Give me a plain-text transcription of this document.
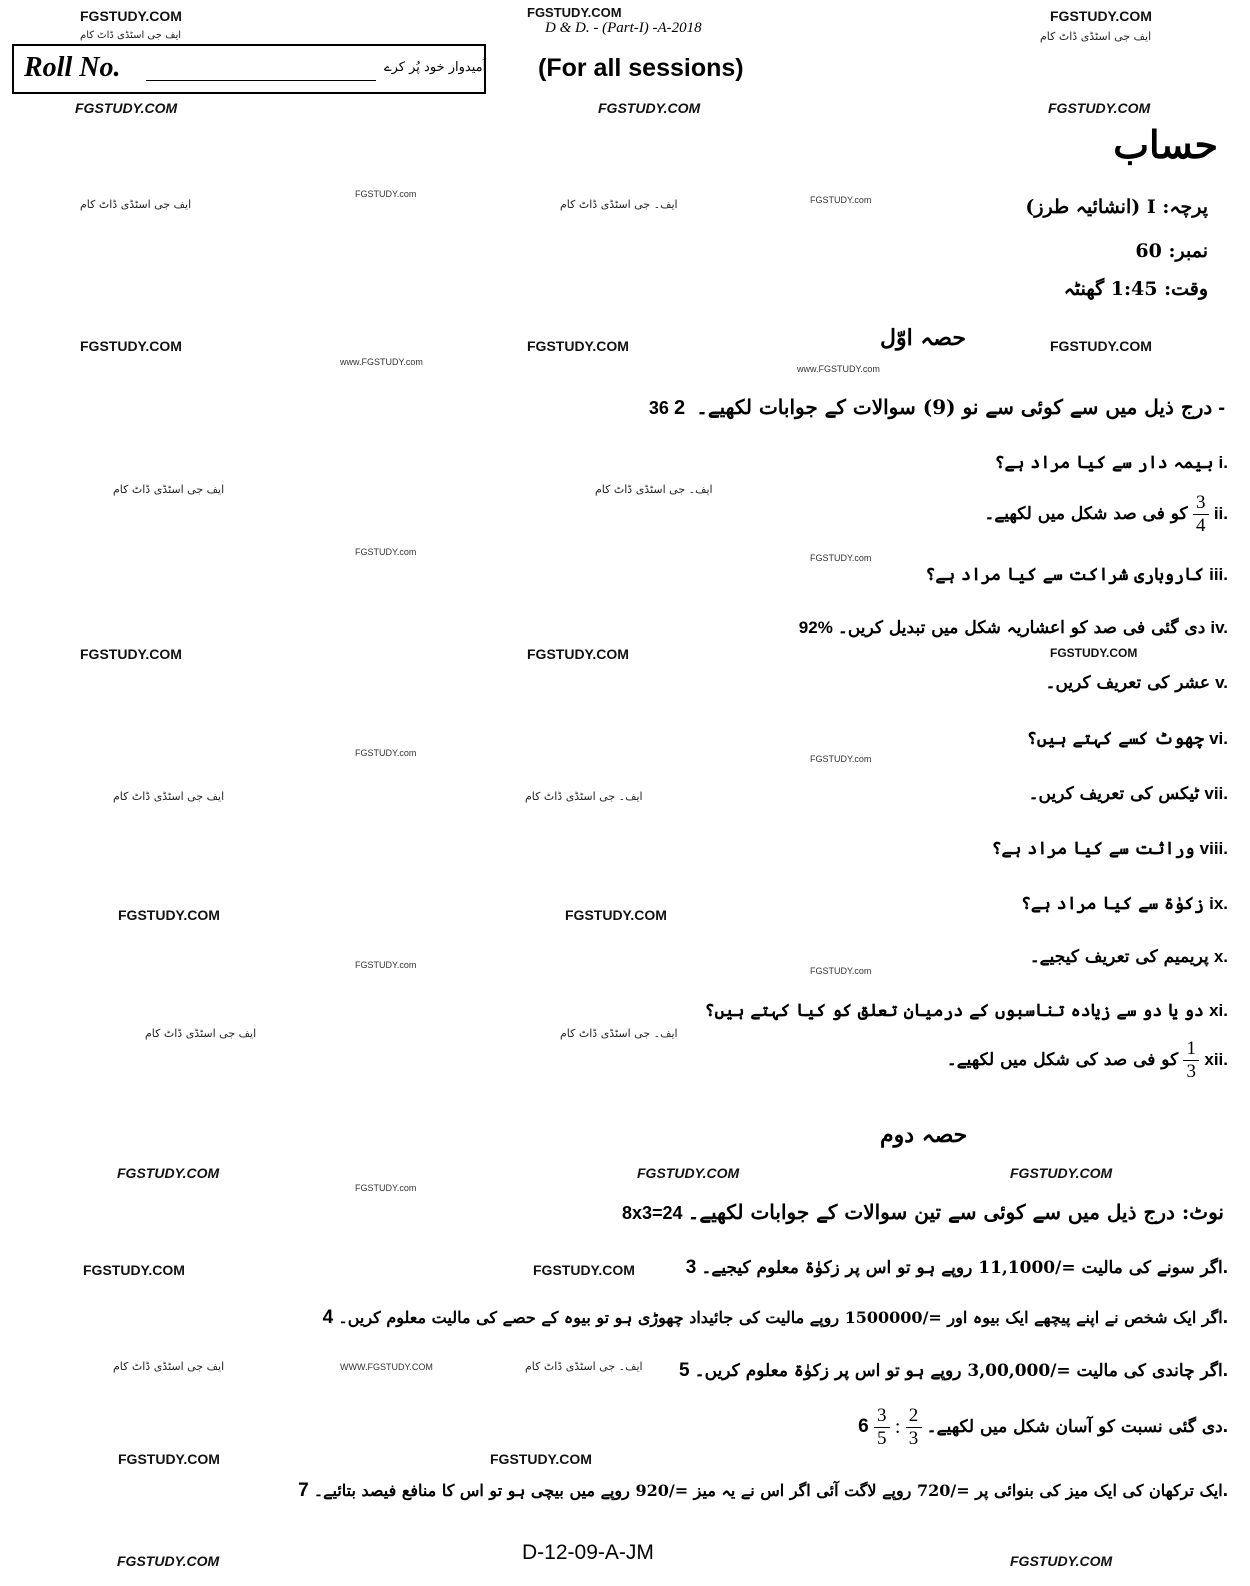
FGSTUDY.COM	FGSTUDY.COM	FGSTUDY.COM
ایف جی اسٹڈی ڈاٹ کام	D & D. - (Part-I) -A-2018
ایف جی اسٹڈی ڈاٹ کام
Roll No.	اُمیدوار خود پُر کرے (For all sessions)
FGSTUDY.COM	FGSTUDY.COM	FGSTUDY.COM
حساب
پرچہ: I (انشائیہ طرز)
نمبر: 60
وقت: 1:45 گھنٹہ
ایف جی اسٹڈی ڈاٹ کام
FGSTUDY.com
ایف۔ جی اسٹڈی ڈاٹ کام	FGSTUDY.com
FGSTUDY.COM	حصہ اوّل
FGSTUDY.COM	FGSTUDY.COM
www.FGSTUDY.com
www.FGSTUDY.com
36 درج ذیل میں سے کوئی سے نو (9) سوالات کے جوابات لکھیے۔ 2-
بیمہ دار سے کیا مراد ہے؟ i.
کو فی صد شکل میں لکھیے۔ $\frac{3}{4}$ ii.
کاروباری شراکت سے کیا مراد ہے؟ iii.
92% دی گئی فی صد کو اعشاریہ شکل میں تبدیل کریں۔ iv.
عشر کی تعریف کریں۔ v.
چھوٹ کسے کہتے ہیں؟ vi.
ٹیکس کی تعریف کریں۔ vii.
وراثت سے کیا مراد ہے؟ viii.
زکوٰۃ سے کیا مراد ہے؟ ix.
پریمیم کی تعریف کیجیے۔ x.
دو یا دو سے زیادہ تناسبوں کے درمیان تعلق کو کیا کہتے ہیں؟ xi.
کو فی صد کی شکل میں لکھیے۔ $\frac{1}{3}$ xii.
ایف جی اسٹڈی ڈاٹ کام	ایف۔ جی اسٹڈی ڈاٹ کام
FGSTUDY.com
FGSTUDY.com
FGSTUDY.COM	FGSTUDY.COM	FGSTUDY.COM
FGSTUDY.com
FGSTUDY.com
ایف جی اسٹڈی ڈاٹ کام	ایف۔ جی اسٹڈی ڈاٹ کام
FGSTUDY.COM	FGSTUDY.COM
FGSTUDY.com
FGSTUDY.com
ایف جی اسٹڈی ڈاٹ کام	ایف۔ جی اسٹڈی ڈاٹ کام
حصہ دوم
FGSTUDY.COM	FGSTUDY.COM	FGSTUDY.COM
FGSTUDY.com
8x3=24 نوٹ: درج ذیل میں سے کوئی سے تین سوالات کے جوابات لکھیے۔
FGSTUDY.COM	FGSTUDY.COM	اگر سونے کی مالیت =/11,1000 روپے ہو تو اس پر زکوٰۃ معلوم کیجیے۔ 3.
اگر ایک شخص نے اپنے پیچھے ایک بیوہ اور =/1500000 روپے مالیت کی جائیداد چھوڑی ہو تو بیوہ کے حصے کی مالیت معلوم کریں۔ 4.
ایف جی اسٹڈی ڈاٹ کام	WWW.FGSTUDY.COM	ایف۔ جی اسٹڈی ڈاٹ کام	اگر چاندی کی مالیت =/3,00,000 روپے ہو تو اس پر زکوٰۃ معلوم کریں۔ 5.
دی گئی نسبت کو آسان شکل میں لکھیے۔
$\frac{2}{3}$
:
$\frac{3}{5}$
6.
FGSTUDY.COM	FGSTUDY.COM
ایک ترکھان کی ایک میز کی بنوائی پر =/720 روپے لاگت آئی اگر اس نے یہ میز =/920 روپے میں بیچی ہو تو اس کا منافع فیصد بتائیے۔ 7.
FGSTUDY.COM	D-12-09-A-JM	FGSTUDY.COM
